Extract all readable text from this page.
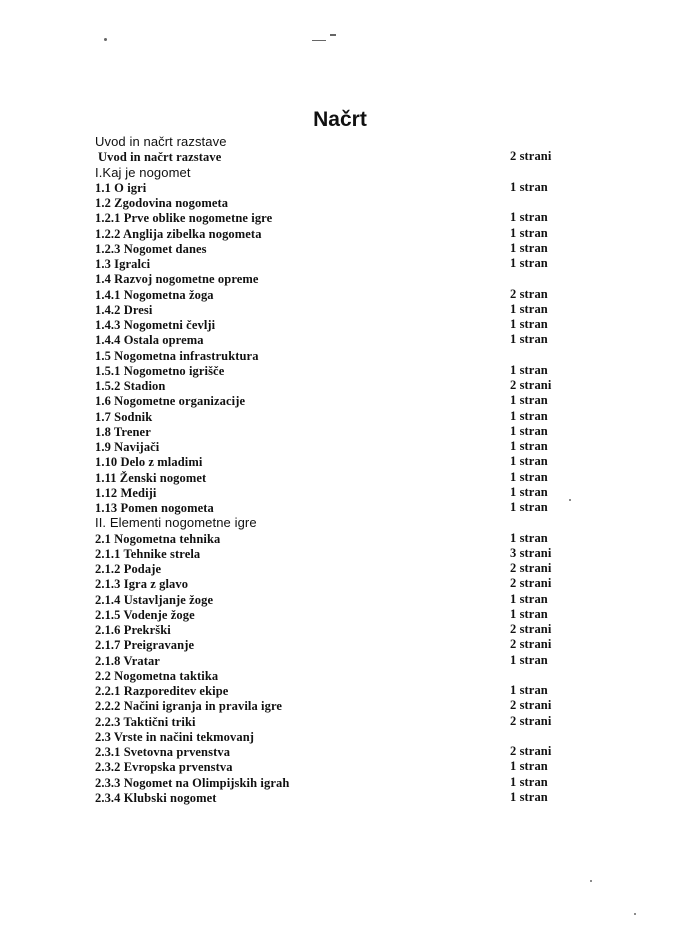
Načrt
Uvod in načrt razstave
Uvod in načrt razstave	2 strani
I.Kaj je nogomet
1.1 O igri	1 stran
1.2 Zgodovina nogometa
1.2.1 Prve oblike nogometne igre	1 stran
1.2.2 Anglija zibelka nogometa	1 stran
1.2.3 Nogomet danes	1 stran
1.3 Igralci	1 stran
1.4 Razvoj nogometne opreme
1.4.1 Nogometna žoga	2 stran
1.4.2 Dresi	1 stran
1.4.3 Nogometni čevlji	1 stran
1.4.4 Ostala oprema	1 stran
1.5 Nogometna infrastruktura
1.5.1 Nogometno igrišče	1 stran
1.5.2 Stadion	2 strani
1.6 Nogometne organizacije	1 stran
1.7 Sodnik	1 stran
1.8 Trener	1 stran
1.9 Navijači	1 stran
1.10 Delo z mladimi	1 stran
1.11 Ženski nogomet	1 stran
1.12 Mediji	1 stran
1.13 Pomen nogometa	1 stran
II. Elementi nogometne igre
2.1 Nogometna tehnika	1 stran
2.1.1 Tehnike strela	3 strani
2.1.2 Podaje	2 strani
2.1.3 Igra z glavo	2 strani
2.1.4 Ustavljanje žoge	1 stran
2.1.5 Vodenje žoge	1 stran
2.1.6 Prekrški	2 strani
2.1.7 Preigravanje	2 strani
2.1.8 Vratar	1 stran
2.2 Nogometna taktika
2.2.1 Razporeditev ekipe	1 stran
2.2.2 Načini igranja in pravila igre	2 strani
2.2.3 Taktični triki	2 strani
2.3 Vrste in načini tekmovanj
2.3.1 Svetovna prvenstva	2 strani
2.3.2 Evropska prvenstva	1 stran
2.3.3 Nogomet na Olimpijskih igrah	1 stran
2.3.4 Klubski nogomet	1 stran
